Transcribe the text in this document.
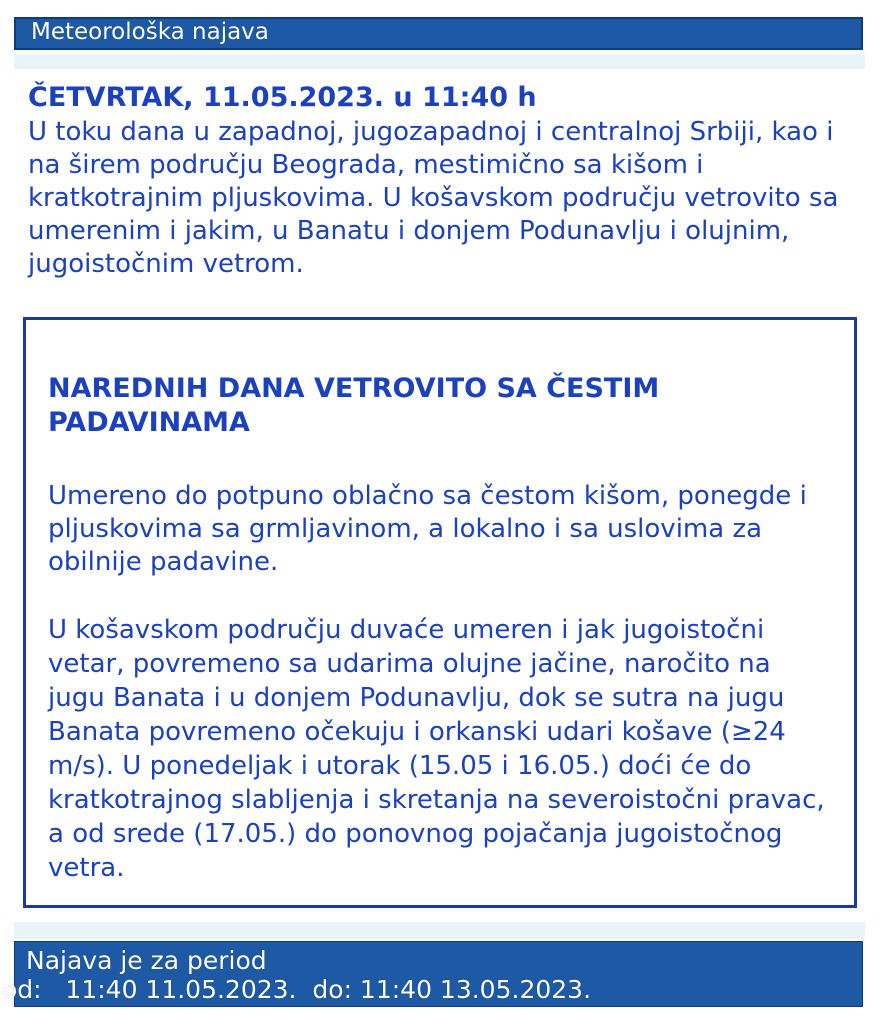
Meteorološka najava
ČETVRTAK, 11.05.2023. u 11:40 h
U toku dana u zapadnoj, jugozapadnoj i centralnoj Srbiji, kao i na širem području Beograda, mestimično sa kišom i kratkotrajnim pljuskovima. U košavskom području vetrovito sa umerenim i jakim, u Banatu i donjem Podunavlju i olujnim, jugoistočnim vetrom.
NAREDNIH DANA VETROVITO SA ČESTIM PADAVINAMA

Umereno do potpuno oblačno sa čestom kišom, ponegde i pljuskovima sa grmljavinom, a lokalno i sa uslovima za obilnije padavine.

U košavskom području duvaće umeren i jak jugoistočni vetar, povremeno sa udarima olujne jačine, naročito na jugu Banata i u donjem Podunavlju, dok se sutra na jugu Banata povremeno očekuju i orkanski udari košave (≥24 m/s). U ponedeljak i utorak (15.05 i 16.05.) doći će do kratkotrajnog slabljenja i skretanja na severoistočni pravac, a od srede (17.05.) do ponovnog pojačanja jugoistočnog vetra.

Najava je za period
od:   11:40 11.05.2023.  do: 11:40 13.05.2023.
